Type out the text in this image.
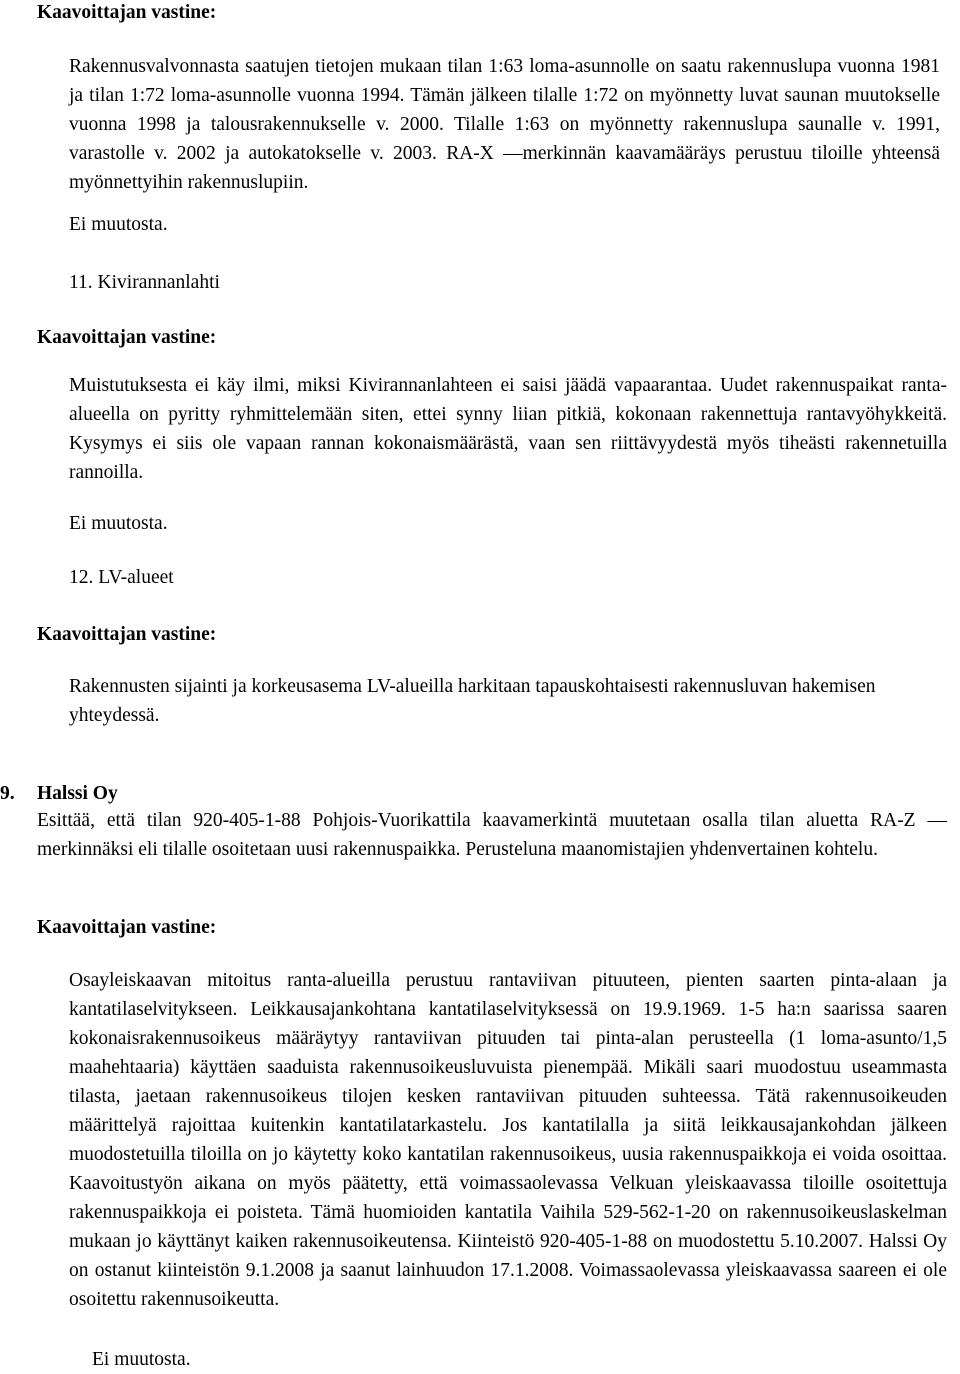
Kaavoittajan vastine:

Rakennusvalvonnasta saatujen tietojen mukaan tilan 1:63 loma-asunnolle on saatu rakennuslupa vuonna 1981 ja tilan 1:72 loma-asunnolle vuonna 1994. Tämän jälkeen tilalle 1:72 on myönnetty luvat saunan muutokselle vuonna 1998 ja talousrakennukselle v. 2000. Tilalle 1:63 on myönnetty rakennuslupa saunalle v. 1991, varastolle v. 2002 ja autokatokselle v. 2003. RA-X —merkinnän kaavamääräys perustuu tiloille yhteensä myönnettyihin rakennuslupiin.

Ei muutosta.

11. Kivirannanlahti

Kaavoittajan vastine:

Muistutuksesta ei käy ilmi, miksi Kivirannanlahteen ei saisi jäädä vapaarantaa. Uudet rakennuspaikat ranta-alueella on pyritty ryhmittelemään siten, ettei synny liian pitkiä, kokonaan rakennettuja rantavyöhykkeitä. Kysymys ei siis ole vapaan rannan kokonaismäärästä, vaan sen riittävyydestä myös tiheästi rakennetuilla rannoilla.

Ei muutosta.

12. LV-alueet

Kaavoittajan vastine:

Rakennusten sijainti ja korkeusasema LV-alueilla harkitaan tapauskohtaisesti rakennusluvan hakemisen yhteydessä.

9. Halssi Oy

Esittää, että tilan 920-405-1-88 Pohjois-Vuorikattila kaavamerkintä muutetaan osalla tilan aluetta RA-Z —merkinnäksi eli tilalle osoitetaan uusi rakennuspaikka. Perusteluna maanomistajien yhdenvertainen kohtelu.

Kaavoittajan vastine:

Osayleiskaavan mitoitus ranta-alueilla perustuu rantaviivan pituuteen, pienten saarten pinta-alaan ja kantatilaselvitykseen. Leikkausajankohtana kantatilaselvityksessä on 19.9.1969. 1-5 ha:n saarissa saaren kokonaisrakennusoikeus määräytyy rantaviivan pituuden tai pinta-alan perusteella (1 loma-asunto/1,5 maahehtaaria) käyttäen saaduista rakennusoikeusluvuista pienempää. Mikäli saari muodostuu useammasta tilasta, jaetaan rakennusoikeus tilojen kesken rantaviivan pituuden suhteessa. Tätä rakennusoikeuden määrittelyä rajoittaa kuitenkin kantatilatarkastelu. Jos kantatilalla ja siitä leikkausajankohdan jälkeen muodostetuilla tiloilla on jo käytetty koko kantatilan rakennusoikeus, uusia rakennuspaikkoja ei voida osoittaa. Kaavoitustyön aikana on myös päätetty, että voimassaolevassa Velkuan yleiskaavassa tiloille osoitettuja rakennuspaikkoja ei poisteta. Tämä huomioiden kantatila Vaihila 529-562-1-20 on rakennusoikeuslaskelman mukaan jo käyttänyt kaiken rakennusoikeutensa. Kiinteistö 920-405-1-88 on muodostettu 5.10.2007. Halssi Oy on ostanut kiinteistön 9.1.2008 ja saanut lainhuudon 17.1.2008. Voimassaolevassa yleiskaavassa saareen ei ole osoitettu rakennusoikeutta.

Ei muutosta.
